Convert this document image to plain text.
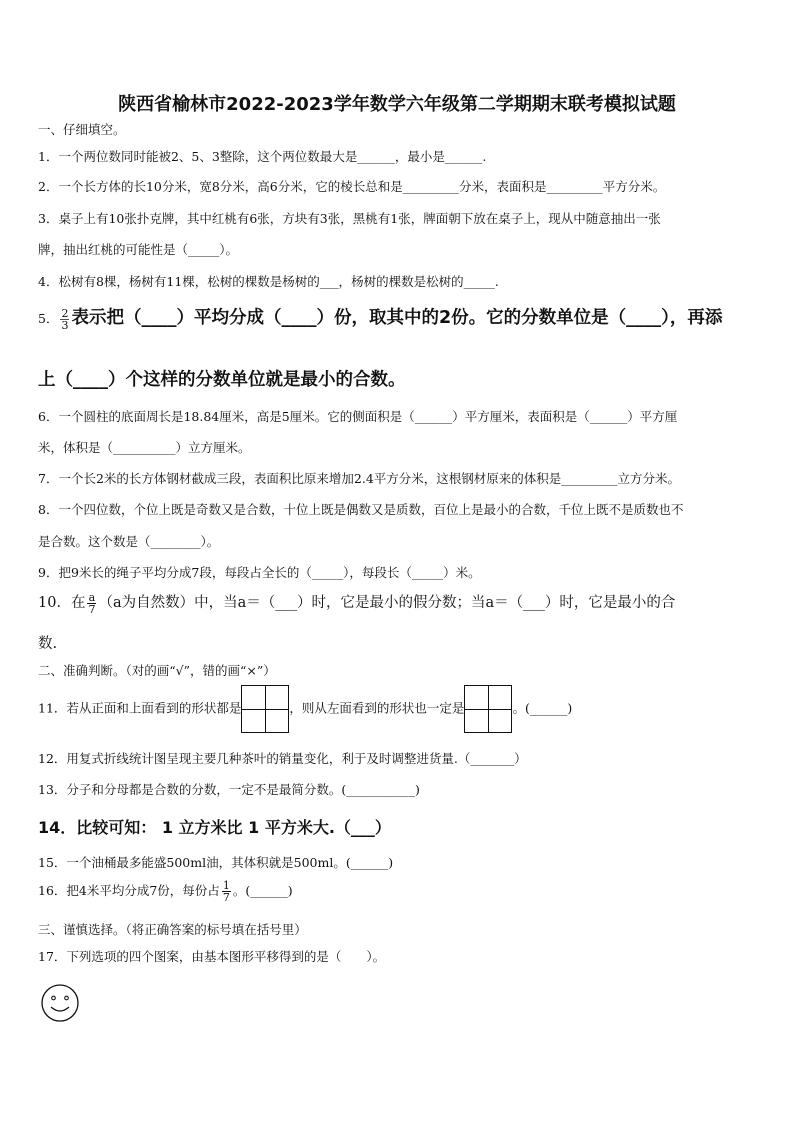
陕西省榆林市2022-2023学年数学六年级第二学期期末联考模拟试题
一、仔细填空。
1．一个两位数同时能被2、5、3整除，这个两位数最大是______，最小是______.
2．一个长方体的长10分米，宽8分米，高6分米，它的棱长总和是_________分米，表面积是_________平方分米。
3．桌子上有10张扑克牌，其中红桃有6张，方块有3张，黑桃有1张，牌面朝下放在桌子上，现从中随意抽出一张
牌，抽出红桃的可能性是（_____）。
4．松树有8棵，杨树有11棵，松树的棵数是杨树的___，杨树的棵数是松树的_____.
5． $\frac{2}{3}$ 表示把（____）平均分成（____）份，取其中的2份。它的分数单位是（____），再添
上（____）个这样的分数单位就是最小的合数。
6．一个圆柱的底面周长是18.84厘米，高是5厘米。它的侧面积是（______）平方厘米，表面积是（______）平方厘
米，体积是（__________）立方厘米。
7．一个长2米的长方体钢材截成三段，表面积比原来增加2.4平方分米，这根钢材原来的体积是_________立方分米。
8．一个四位数，个位上既是奇数又是合数，十位上既是偶数又是质数，百位上是最小的合数，千位上既不是质数也不
是合数。这个数是（________）。
9．把9米长的绳子平均分成7段，每段占全长的（_____），每段长（_____）米。
10．在 $\frac{a}{7} (a$为自然数）中，当a＝（___）时，它是最小的假分数；当a＝（___）时，它是最小的合
数.
二、准确判断。（对的画“√”，错的画“×”）
11．若从正面和上面看到的形状都是	，则从左面看到的形状也一定是	。(______)
12．用复式折线统计图呈现主要几种茶叶的销量变化，利于及时调整进货量.（_______）
13．分子和分母都是合数的分数，一定不是最简分数。(___________)
14．比较可知： 1 立方米比 1 平方米大.（___）
15．一个油桶最多能盛500ml油，其体积就是500ml。(______)
16．把4米平均分成7份，每份占 $\frac{1}{7}$ 。(______)
三、谨慎选择。（将正确答案的标号填在括号里）
17．下列选项的四个图案，由基本图形平移得到的是（　　）。
